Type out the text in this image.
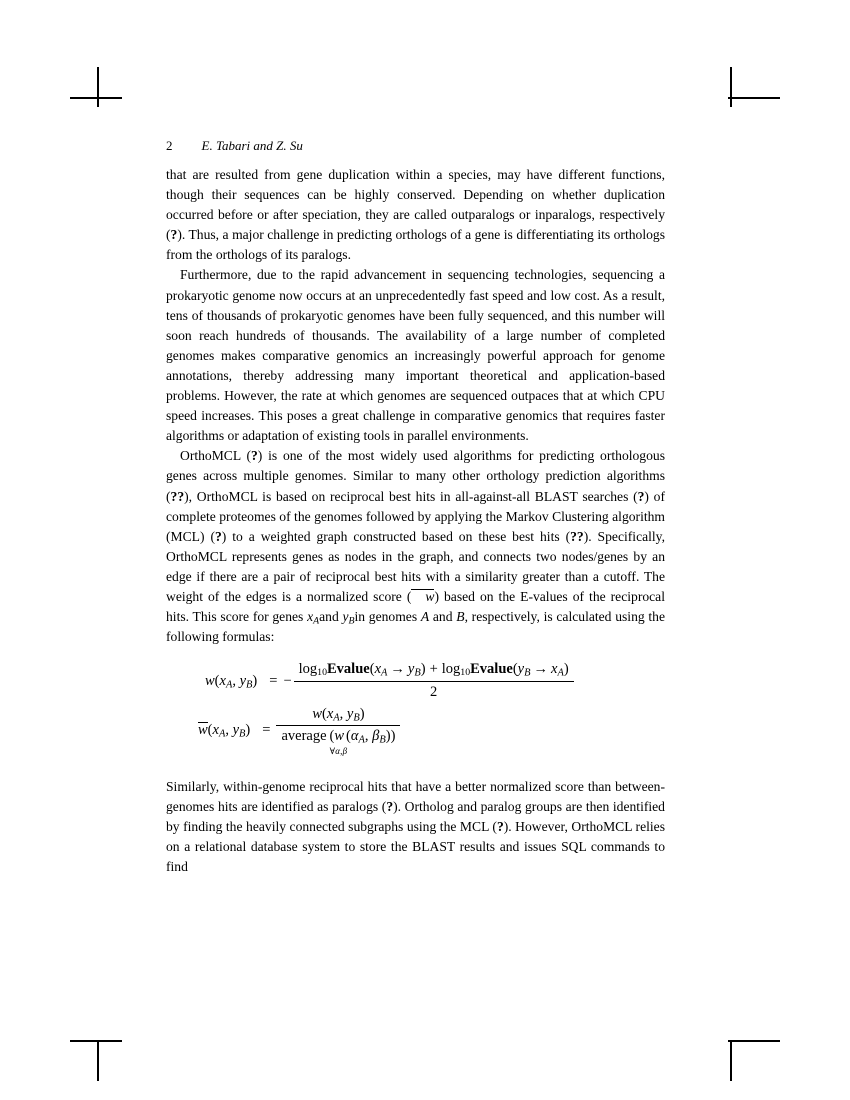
2 E. Tabari and Z. Su

that are resulted from gene duplication within a species, may have different functions, though their sequences can be highly conserved. Depending on whether duplication occurred before or after speciation, they are called outparalogs or inparalogs, respectively (?). Thus, a major challenge in predicting orthologs of a gene is differentiating its orthologs from the orthologs of its paralogs.

Furthermore, due to the rapid advancement in sequencing technologies, sequencing a prokaryotic genome now occurs at an unprecedentedly fast speed and low cost. As a result, tens of thousands of prokaryotic genomes have been fully sequenced, and this number will soon reach hundreds of thousands. The availability of a large number of completed genomes makes comparative genomics an increasingly powerful approach for genome annotations, thereby addressing many important theoretical and application-based problems. However, the rate at which genomes are sequenced outpaces that at which CPU speed increases. This poses a great challenge in comparative genomics that requires faster algorithms or adaptation of existing tools in parallel environments.

OrthoMCL (?) is one of the most widely used algorithms for predicting orthologous genes across multiple genomes. Similar to many other orthology prediction algorithms (??), OrthoMCL is based on reciprocal best hits in all-against-all BLAST searches (?) of complete proteomes of the genomes followed by applying the Markov Clustering algorithm (MCL) (?) to a weighted graph constructed based on these best hits (??). Specifically, OrthoMCL represents genes as nodes in the graph, and connects two nodes/genes by an edge if there are a pair of reciprocal best hits with a similarity greater than a cutoff. The weight of the edges is a normalized score ( w) based on the E-values of the reciprocal hits. This score for genes $x_Aand$ $y_Bin$ genomes A and B, respectively, is calculated using the following formulas:

$w(x_A$, $y_B$) = − $\frac{\log_{10}Evalue(x_A \to y_B) + \log_{10}Evalue(y_B \to x_A)}{2}$
$w(x_A$, $y_B) = w(x_A$, $y_B$)
average (w ($\alpha_A$, $\beta_B$))
∀α,β

Similarly, within-genome reciprocal hits that have a better normalized score than between-genomes hits are identified as paralogs (?). Ortholog and paralog groups are then identified by finding the heavily connected subgraphs using the MCL (?). However, OrthoMCL relies on a relational database system to store the BLAST results and issues SQL commands to find
